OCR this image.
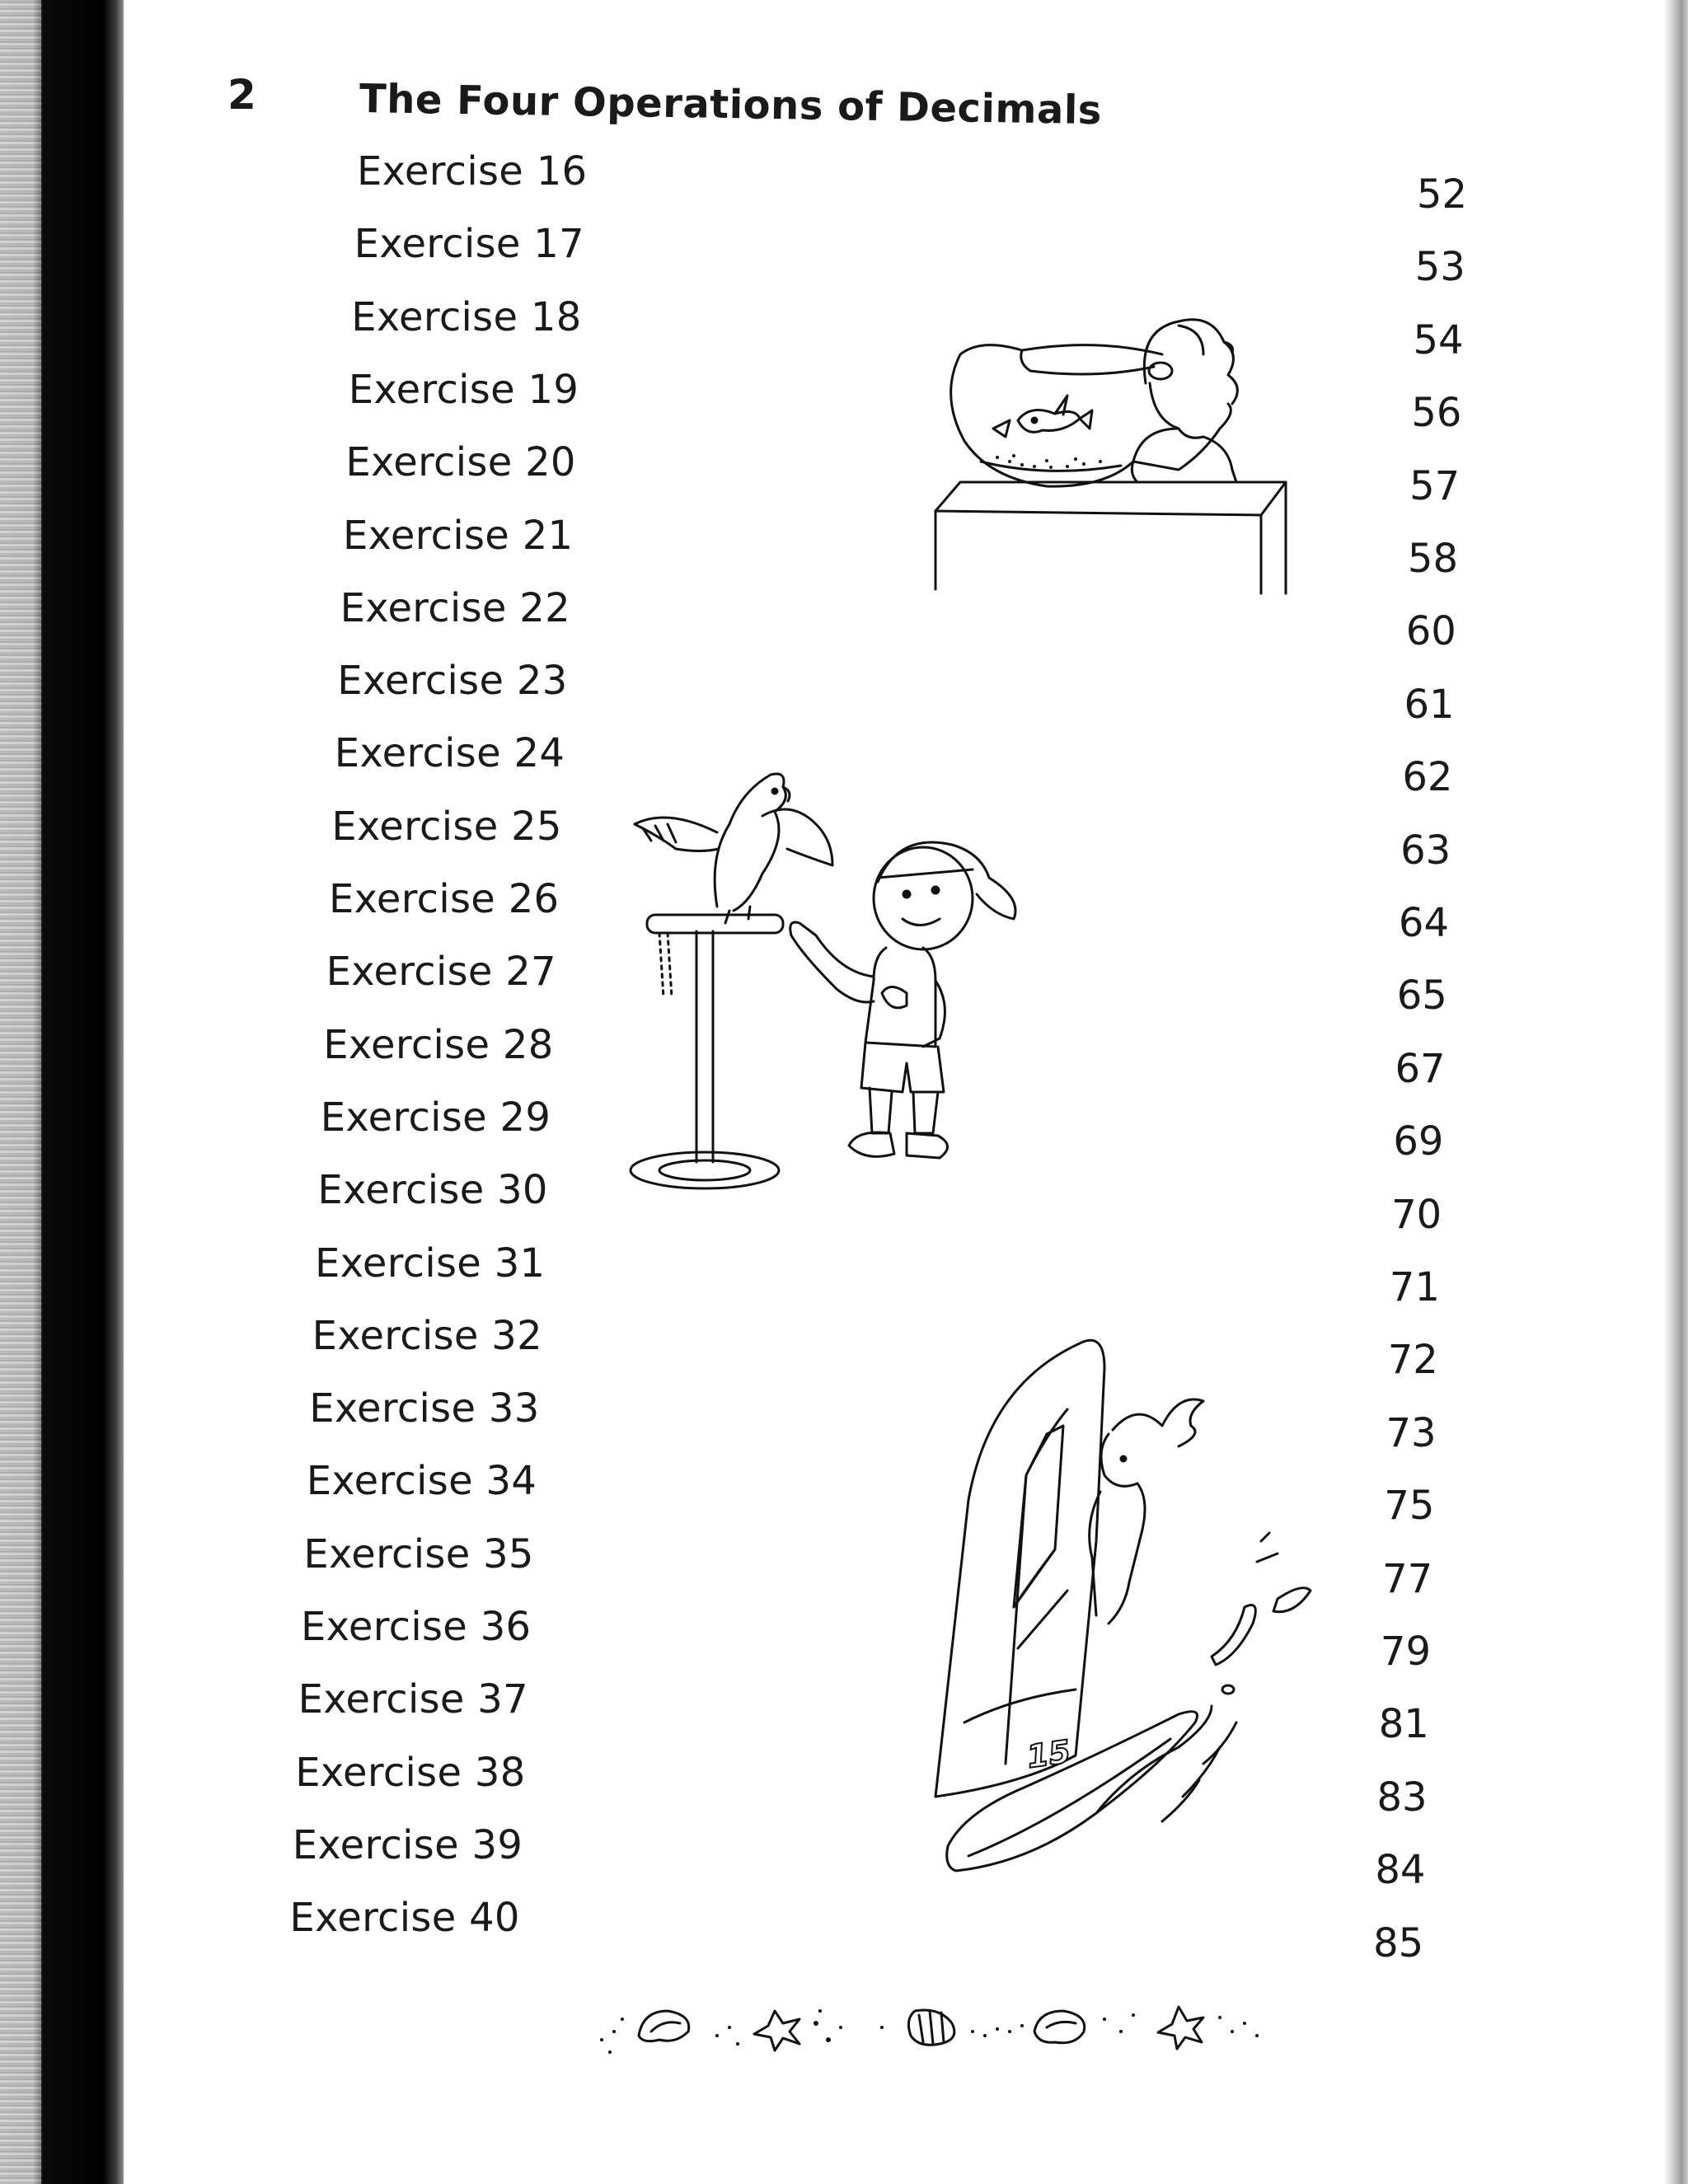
2	The Four Operations of Decimals
Exercise 16	52
Exercise 17
53
Exercise 18
54
Exercise 19
56
Exercise 20
57
Exercise 21
58
Exercise 22
60
Exercise 23
61
Exercise 24
62
Exercise 25
63
Exercise 26
64
Exercise 27
65
Exercise 28
67
Exercise 29
69
Exercise 30
70
Exercise 31
71
Exercise 32
72
Exercise 33
73
Exercise 34
75
Exercise 35
77
Exercise 36
79
Exercise 37
81
Exercise 38
83
Exercise 39
84
Exercise 40
85
15
